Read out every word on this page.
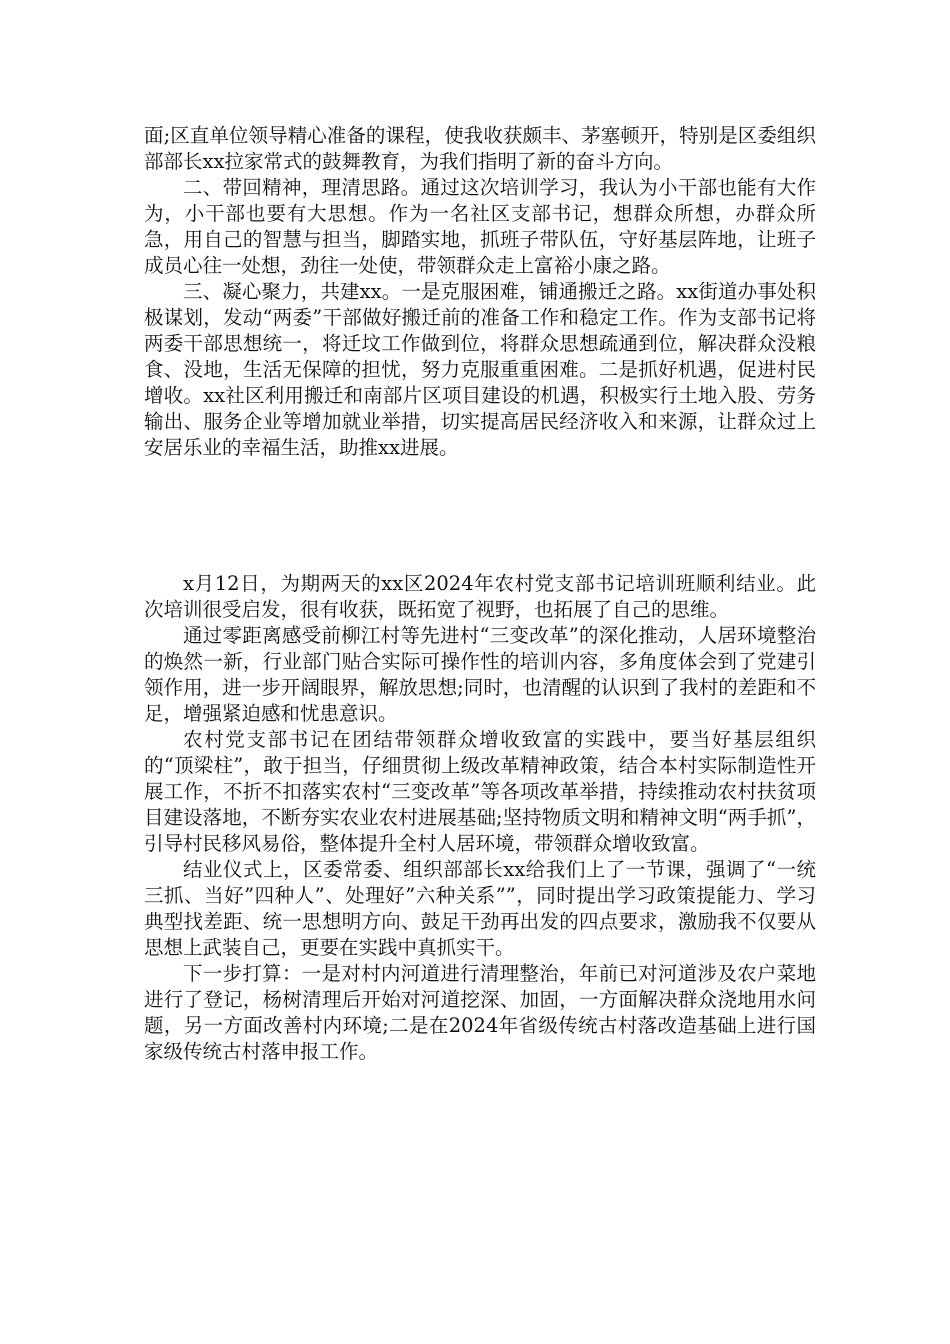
面;区直单位领导精心准备的课程，使我收获颇丰、茅塞顿开，特别是区委组织部部长xx拉家常式的鼓舞教育，为我们指明了新的奋斗方向。

二、带回精神，理清思路。通过这次培训学习，我认为小干部也能有大作为，小干部也要有大思想。作为一名社区支部书记，想群众所想，办群众所急，用自己的智慧与担当，脚踏实地，抓班子带队伍，守好基层阵地，让班子成员心往一处想，劲往一处使，带领群众走上富裕小康之路。

三、凝心聚力，共建xx。一是克服困难，铺通搬迁之路。xx街道办事处积极谋划，发动“两委”干部做好搬迁前的准备工作和稳定工作。作为支部书记将两委干部思想统一，将迁坟工作做到位，将群众思想疏通到位，解决群众没粮食、没地，生活无保障的担忧，努力克服重重困难。二是抓好机遇，促进村民增收。xx社区利用搬迁和南部片区项目建设的机遇，积极实行土地入股、劳务输出、服务企业等增加就业举措，切实提高居民经济收入和来源，让群众过上安居乐业的幸福生活，助推xx进展。

x月12日，为期两天的xx区2024年农村党支部书记培训班顺利结业。此次培训很受启发，很有收获，既拓宽了视野，也拓展了自己的思维。

通过零距离感受前柳江村等先进村“三变改革”的深化推动，人居环境整治的焕然一新，行业部门贴合实际可操作性的培训内容，多角度体会到了党建引领作用，进一步开阔眼界，解放思想;同时，也清醒的认识到了我村的差距和不足，增强紧迫感和忧患意识。

农村党支部书记在团结带领群众增收致富的实践中，要当好基层组织的“顶梁柱”，敢于担当，仔细贯彻上级改革精神政策，结合本村实际制造性开展工作，不折不扣落实农村“三变改革”等各项改革举措，持续推动农村扶贫项目建设落地，不断夯实农业农村进展基础;坚持物质文明和精神文明“两手抓”，引导村民移风易俗，整体提升全村人居环境，带领群众增收致富。

结业仪式上，区委常委、组织部部长xx给我们上了一节课，强调了“一统三抓、当好”四种人”、处理好”六种关系””，同时提出学习政策提能力、学习典型找差距、统一思想明方向、鼓足干劲再出发的四点要求，激励我不仅要从思想上武装自己，更要在实践中真抓实干。

下一步打算：一是对村内河道进行清理整治，年前已对河道涉及农户菜地进行了登记，杨树清理后开始对河道挖深、加固，一方面解决群众浇地用水问题，另一方面改善村内环境;二是在2024年省级传统古村落改造基础上进行国家级传统古村落申报工作。
